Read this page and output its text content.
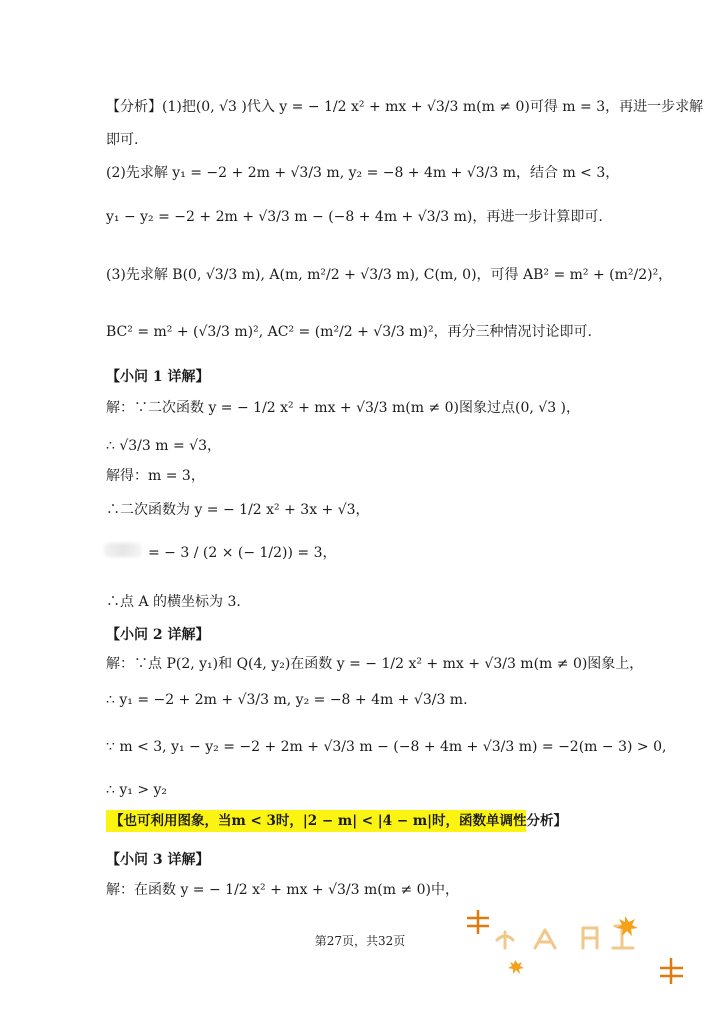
【分析】(1)把(0, √3 )代入 y = − 1/2 x² + mx + √3/3 m(m ≠ 0)可得 m = 3，再进一步求解
即可.
(2)先求解 y₁ = −2 + 2m + √3/3 m, y₂ = −8 + 4m + √3/3 m，结合 m < 3，
y₁ − y₂ = −2 + 2m + √3/3 m − (−8 + 4m + √3/3 m)，再进一步计算即可.
(3)先求解 B(0, √3/3 m), A(m, m²/2 + √3/3 m), C(m, 0)，可得 AB² = m² + (m²/2)²，
BC² = m² + (√3/3 m)², AC² = (m²/2 + √3/3 m)²，再分三种情况讨论即可.
【小问 1 详解】
解：∵二次函数 y = − 1/2 x² + mx + √3/3 m(m ≠ 0)图象过点(0, √3 )，
∴ √3/3 m = √3，
解得：m = 3，
∴二次函数为 y = − 1/2 x² + 3x + √3，
= − 3 / (2 × (− 1/2)) = 3，
∴点 A 的横坐标为 3.
【小问 2 详解】
解：∵点 P(2, y₁)和 Q(4, y₂)在函数 y = − 1/2 x² + mx + √3/3 m(m ≠ 0)图象上，
∴ y₁ = −2 + 2m + √3/3 m, y₂ = −8 + 4m + √3/3 m.
∵ m < 3, y₁ − y₂ = −2 + 2m + √3/3 m − (−8 + 4m + √3/3 m) = −2(m − 3) > 0,
∴ y₁ > y₂
【也可利用图象，当m < 3时，|2 − m| < |4 − m|时，函数单调性分析】
【小问 3 详解】
解：在函数 y = − 1/2 x² + mx + √3/3 m(m ≠ 0)中，
第27页，共32页
